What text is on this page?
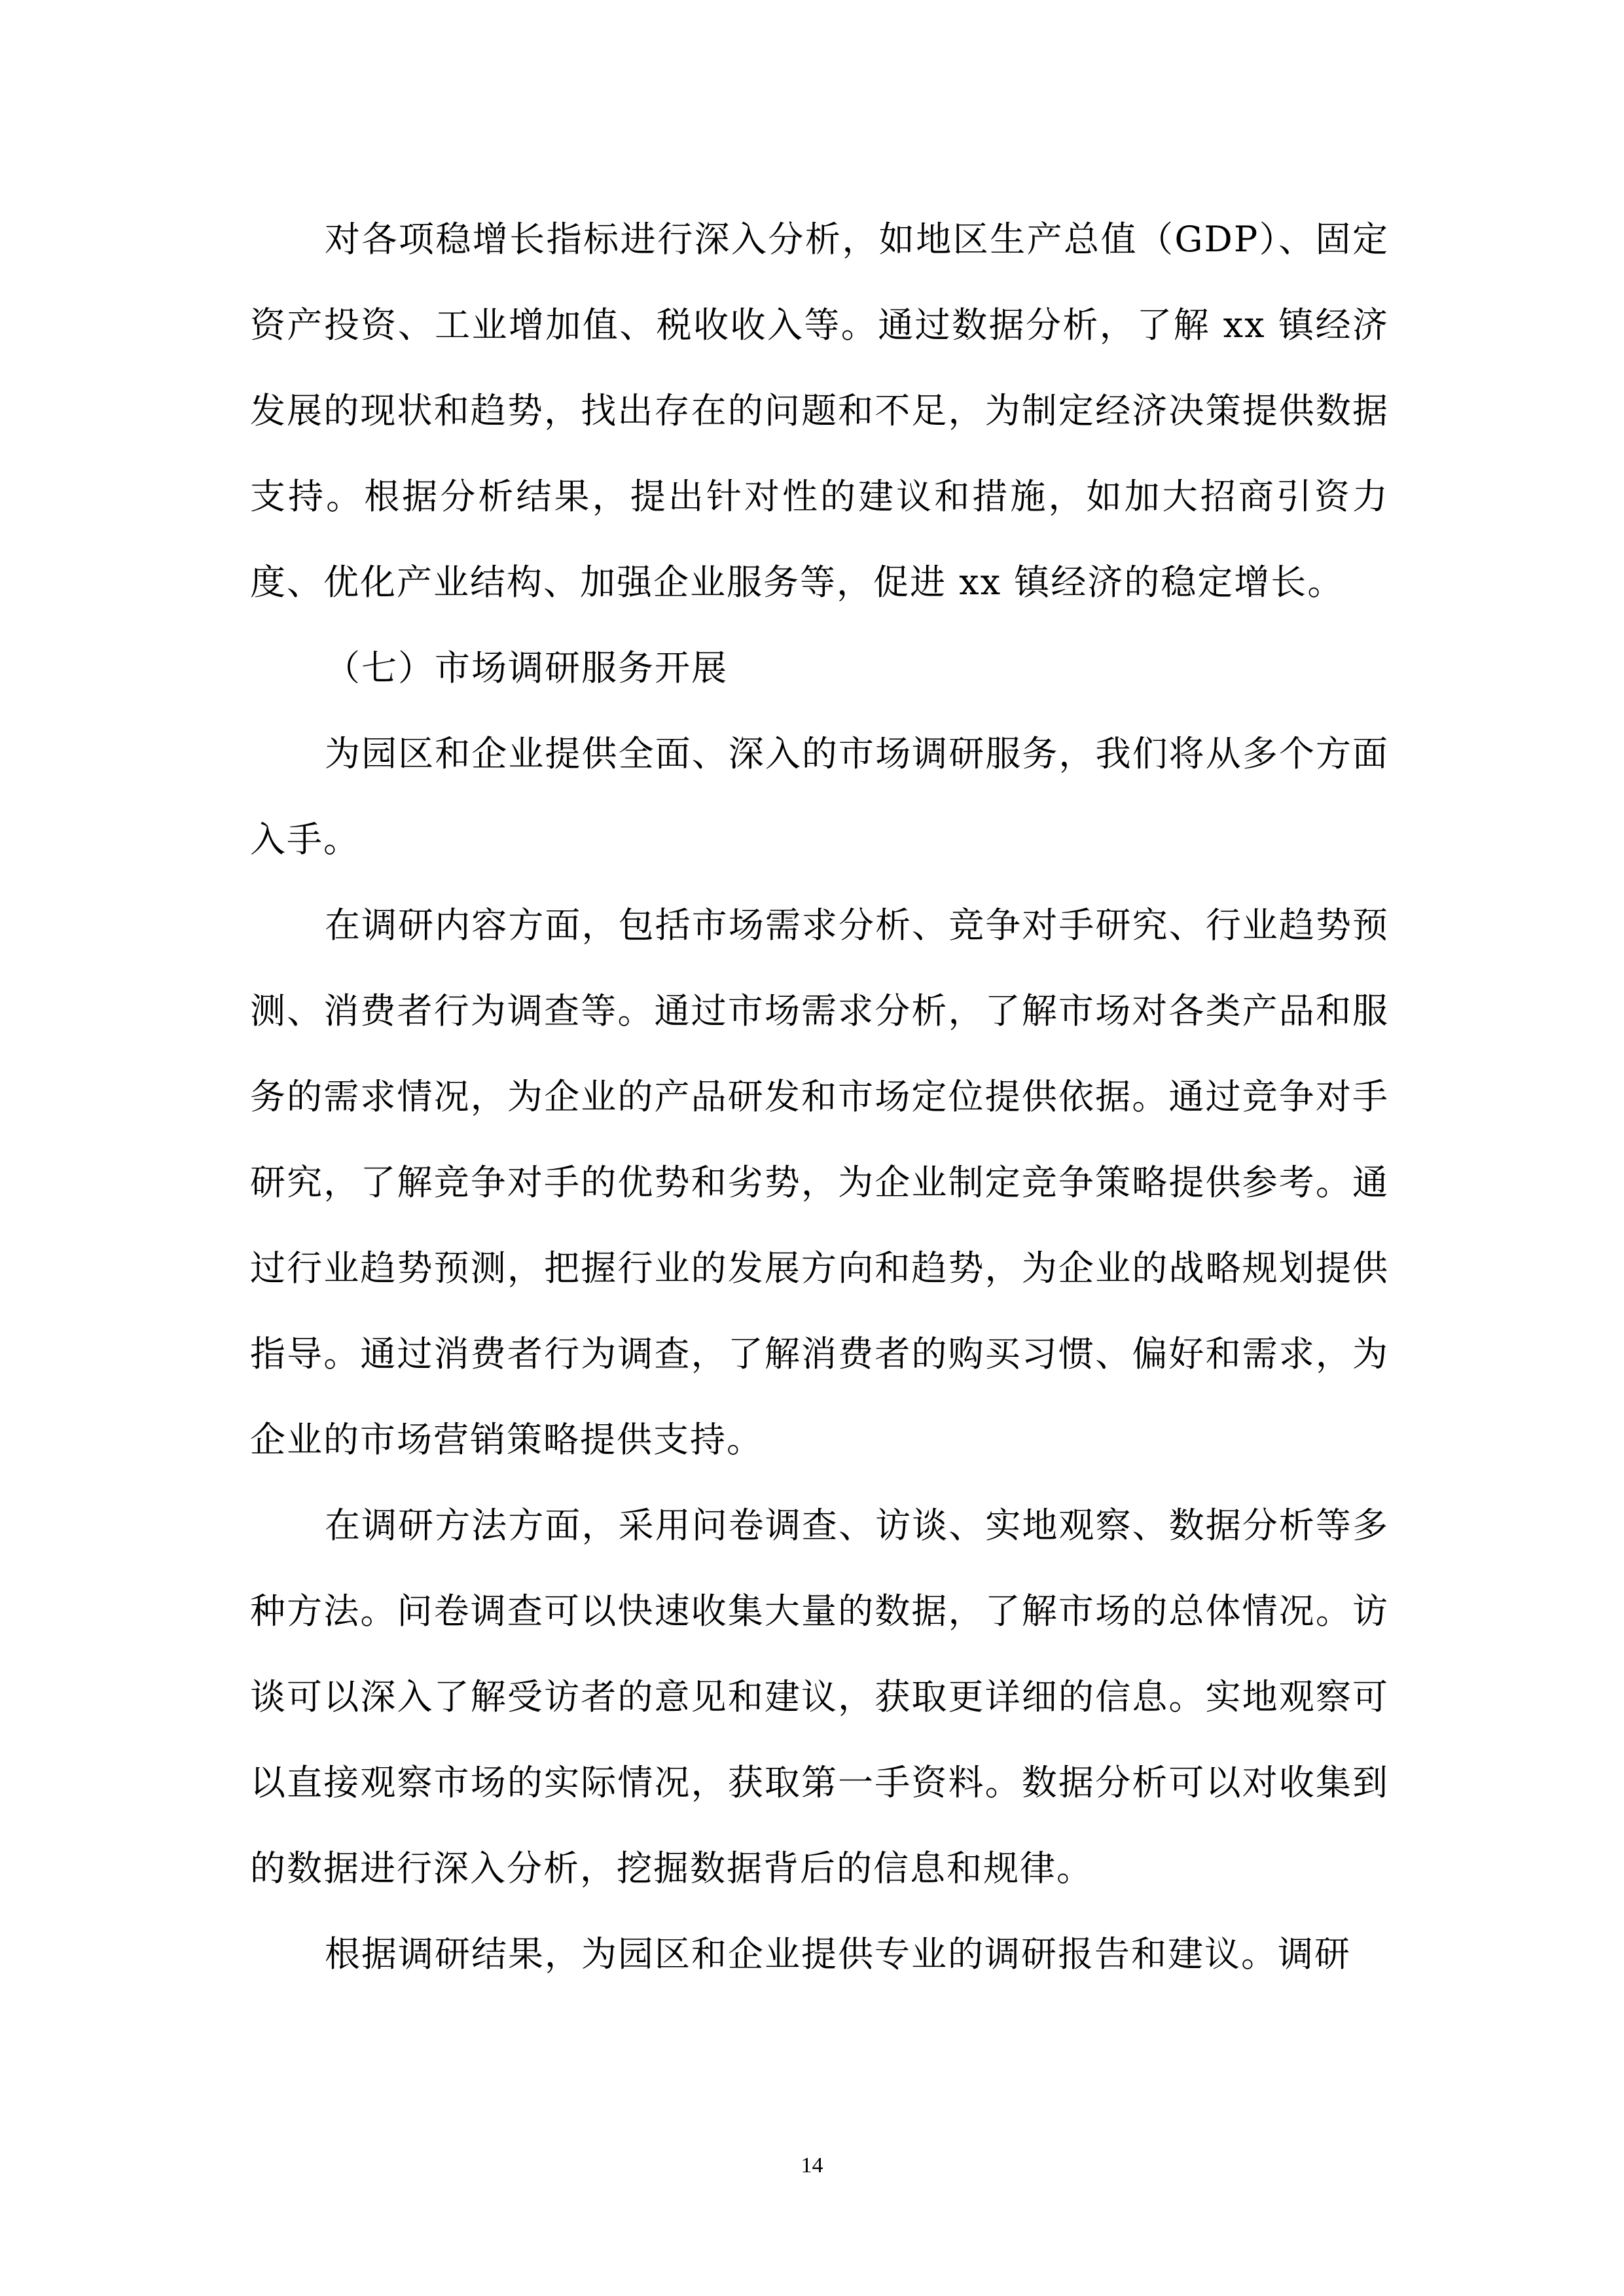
对各项稳增长指标进行深入分析，如地区生产总值（GDP）、固定资产投资、工业增加值、税收收入等。通过数据分析，了解 xx 镇经济发展的现状和趋势，找出存在的问题和不足，为制定经济决策提供数据支持。根据分析结果，提出针对性的建议和措施，如加大招商引资力度、优化产业结构、加强企业服务等，促进 xx 镇经济的稳定增长。

（七）市场调研服务开展

为园区和企业提供全面、深入的市场调研服务，我们将从多个方面入手。

在调研内容方面，包括市场需求分析、竞争对手研究、行业趋势预测、消费者行为调查等。通过市场需求分析，了解市场对各类产品和服务的需求情况，为企业的产品研发和市场定位提供依据。通过竞争对手研究，了解竞争对手的优势和劣势，为企业制定竞争策略提供参考。通过行业趋势预测，把握行业的发展方向和趋势，为企业的战略规划提供指导。通过消费者行为调查，了解消费者的购买习惯、偏好和需求，为企业的市场营销策略提供支持。

在调研方法方面，采用问卷调查、访谈、实地观察、数据分析等多种方法。问卷调查可以快速收集大量的数据，了解市场的总体情况。访谈可以深入了解受访者的意见和建议，获取更详细的信息。实地观察可以直接观察市场的实际情况，获取第一手资料。数据分析可以对收集到的数据进行深入分析，挖掘数据背后的信息和规律。

根据调研结果，为园区和企业提供专业的调研报告和建议。调研

14
